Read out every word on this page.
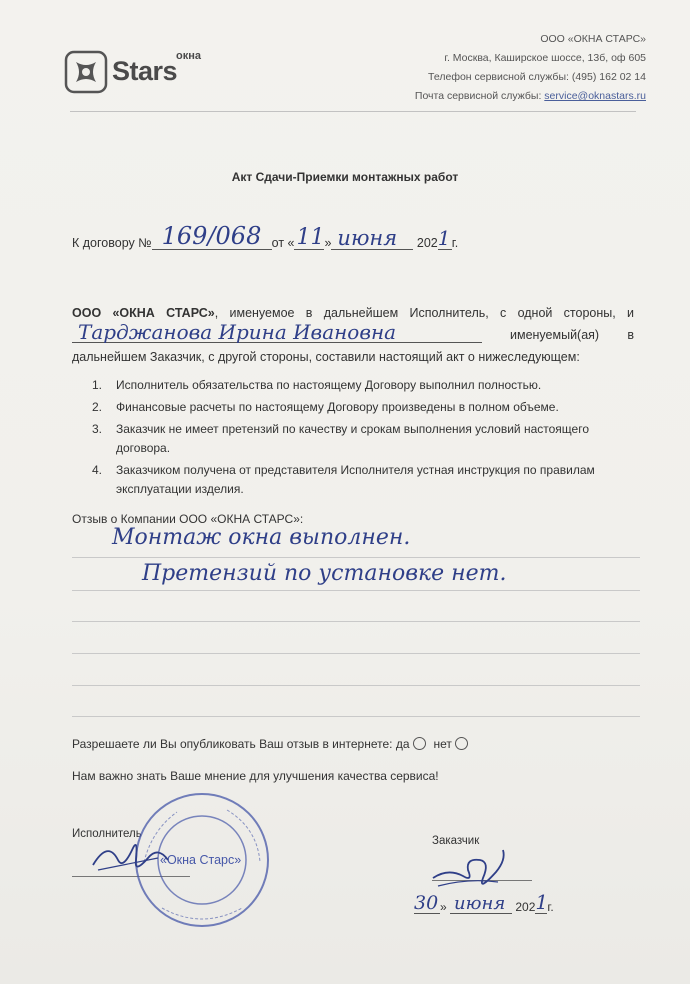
Stars
окна
ООО «ОКНА СТАРС»
г. Москва, Каширское шоссе, 13б, оф 605
Телефон сервисной службы: (495) 162 02 14
Почта сервисной службы: service@oknastars.ru
Акт Сдачи-Приемки монтажных работ
К договору № 169/068 от « 11 » июня 202 1 г.
ООО «ОКНА СТАРС», именуемое в дальнейшем Исполнитель, с одной стороны, и
Тарджанова Ирина Ивановна	именуемый(ая) в
дальнейшем Заказчик, с другой стороны, составили настоящий акт о нижеследующем:
1. Исполнитель обязательства по настоящему Договору выполнил полностью.
2. Финансовые расчеты по настоящему Договору произведены в полном объеме.
3. Заказчик не имеет претензий по качеству и срокам выполнения условий настоящего договора.
4. Заказчиком получена от представителя Исполнителя устная инструкция по правилам эксплуатации изделия.
Отзыв о Компании ООО «ОКНА СТАРС»:
Монтаж окна выполнен.
Претензий по установке нет.
Разрешаете ли Вы опубликовать Ваш отзыв в интернете: да нет
Нам важно знать Ваше мнение для улучшения качества сервиса!
Исполнитель
«Окна Старс»
Заказчик
30 » июня 202 1 г.
